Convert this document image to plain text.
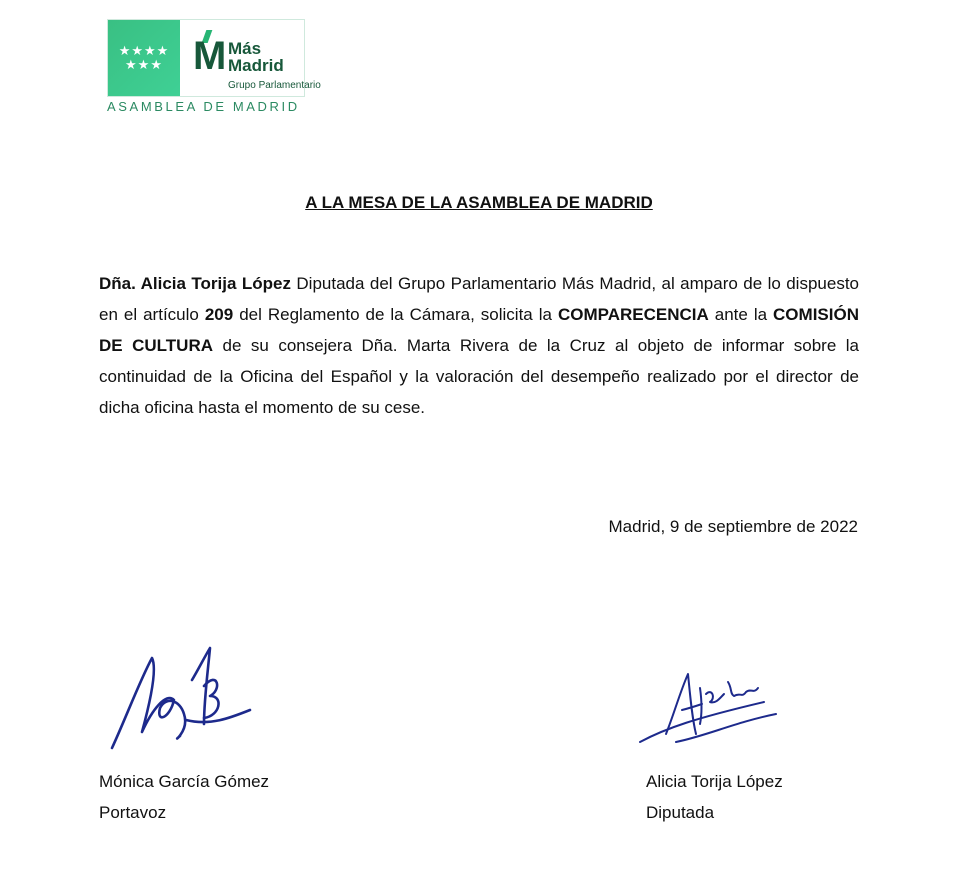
★★★★
★★★ M Más
Madrid
Grupo Parlamentario
ASAMBLEA DE MADRID
A LA MESA DE LA ASAMBLEA DE MADRID
Dña. Alicia Torija López Diputada del Grupo Parlamentario Más Madrid, al amparo de lo dispuesto en el artículo 209 del Reglamento de la Cámara, solicita la COMPARECENCIA ante la COMISIÓN DE CULTURA de su consejera Dña. Marta Rivera de la Cruz al objeto de informar sobre la continuidad de la Oficina del Español y la valoración del desempeño realizado por el director de dicha oficina hasta el momento de su cese.
Madrid, 9 de septiembre de 2022
Mónica García Gómez
Portavoz
Alicia Torija López
Diputada
